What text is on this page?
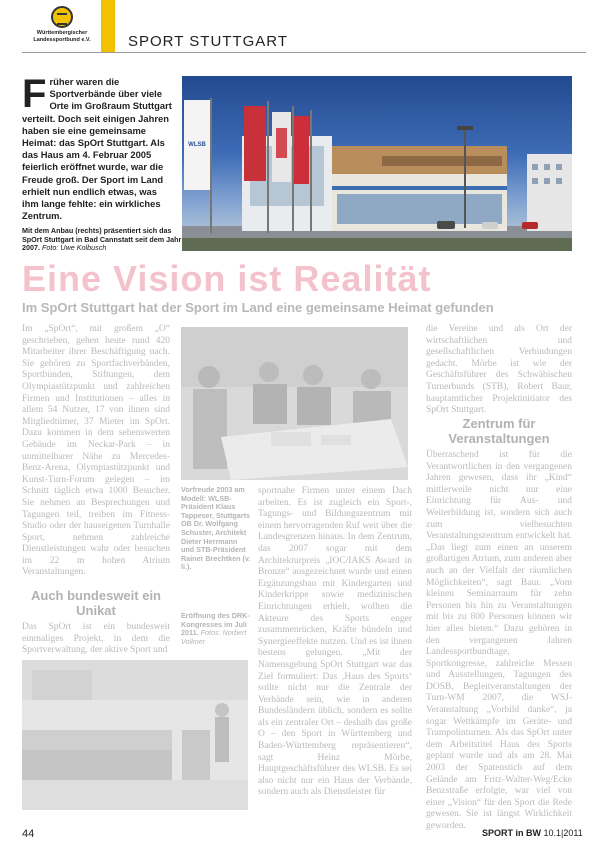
Württembergischer
Landessportbund e.V.	SPORT STUTTGART
Früher waren die Sportverbände über viele Orte im Großraum Stuttgart verteilt. Doch seit einigen Jahren haben sie eine gemeinsame Heimat: das SpOrt Stuttgart. Als das Haus am 4. Februar 2005 feierlich eröffnet wurde, war die Freude groß. Der Sport im Land erhielt nun endlich etwas, was ihm lange fehlte: ein wirkliches Zentrum.
Mit dem Anbau (rechts) präsentiert sich das SpOrt Stuttgart in Bad Cannstatt seit dem Jahr 2007. Foto: Uwe Kolbusch
WLSB
Eine Vision ist Realität
Im SpOrt Stuttgart hat der Sport im Land eine gemeinsame Heimat gefunden

Im „SpOrt“, mit großem „O“ geschrieben, gehen heute rund 420 Mitarbeiter ihrer Beschäftigung nach. Sie gehören zu Sportfachverbänden, Sportbünden, Stiftungen, dem Olympiastützpunkt und zahlreichen Firmen und Institutionen – alles in allem 54 Nutzer, 17 von ihnen sind Mitgliedtümer, 37 Mieter im SpOrt. Dazu kommen in dem sehenswerten Gebäude im Neckar-Park – in unmittelbarer Nähe zu Mercedes-Benz-Arena, Olympiastützpunkt und Kunst-Turn-Forum gelegen – im Schnitt täglich etwa 1000 Besucher. Sie nehmen an Besprechungen und Tagungen teil, treiben im Fitness-Studio oder der hauseigenen Turnhalle Sport, nehmen zahlreiche Dienstleistungen wahr oder besuchen im 22 m hohen Atrium Veranstaltungen.

Auch bundesweit ein Unikat

Das SpOrt ist ein bundesweit einmaliges Projekt, in dem die Sportverwaltung, der aktive Sport und

Vorfreude 2003 am Modell: WLSB-Präsident Klaus Tappeser, Stuttgarts OB Dr. Wolfgang Schuster, Architekt Dieter Herrmann und STB-Präsident Rainer Brechtken (v. li.).
Eröffnung des DRK-Kongresses im Juli 2011. Fotos: Norbert Vollmer

sportnahe Firmen unter einem Dach arbeiten. Es ist zugleich ein Sport-, Tagungs- und Bildungszentrum mit einem hervorragenden Ruf weit über die Landesgrenzen hinaus. In dem Zentrum, das 2007 sogar mit dem Architekturpreis „IOC/IAKS Award in Bronze“ ausgezeichnet wurde und einen Ergänzungsbau mit Kindergarten und Kinderkrippe sowie medizinischen Einrichtungen erhielt, wollten die Akteure des Sports enger zusammenrücken, Kräfte bündeln und Synergieeffekte nutzen. Und es ist ihnen bestens gelungen. „Mit der Namensgebung SpOrt Stuttgart war das Ziel formuliert: Das ‚Haus des Sports‘ sollte nicht nur die Zentrale der Verbände sein, wie in anderen Bundesländern üblich, sondern es sollte als ein zentraler Ort – deshalb das große O – den Sport in Württemberg und Baden-Württemberg repräsentieren“, sagt Heinz Mörbe, Hauptgeschäftsführer des WLSB. Es sei also nicht nur ein Haus der Verbände, sondern auch als Dienstleister für

die Vereine und als Ort der wirtschaftlichen und gesellschaftlichen Verbindungen gedacht. Mörbe ist wie der Geschäftsführer des Schwäbischen Turnerbunds (STB), Robert Baur, hauptamtlicher Projektinitiator des SpOrt Stuttgart.

Zentrum für Veranstaltungen

Überraschend ist für die Verantwortlichen in den vergangenen Jahren gewesen, dass ihr „Kind“ mittlerweile nicht nur eine Einrichtung für Aus- und Weiterbildung ist, sondern sich auch zum vielbesuchten Veranstaltungszentrum entwickelt hat. „Das liegt zum einen an unserem großartigen Atrium, zum anderen aber auch an der Vielfalt der räumlichen Möglichkeiten“, sagt Baur. „Vom kleinen Seminarraum für zehn Personen bis hin zu Veranstaltungen mit bis zu 800 Personen können wir hier alles bieten.“ Dazu gehören in den vergangenen Jahren Landessportbundtage, Sportkongresse, zahlreiche Messen und Ausstellungen, Tagungen des DOSB, Begleitveranstaltungen der Turn-WM 2007, die WSJ-Veranstaltung „Vorbild danke“, ja sogar Wettkämpfe im Geräte- und Trampolinturnen. Als das SpOrt unter dem Arbeitstitel Haus des Sports geplant wurde und als am 28. Mai 2003 der Spatenstich auf dem Gelände am Fritz-Walter-Weg/Ecke Benzstraße erfolgte, war viel von einer „Vision“ für den Sport die Rede gewesen. Sie ist längst Wirklichkeit geworden.

44	SPORT in BW 10.1|2011
